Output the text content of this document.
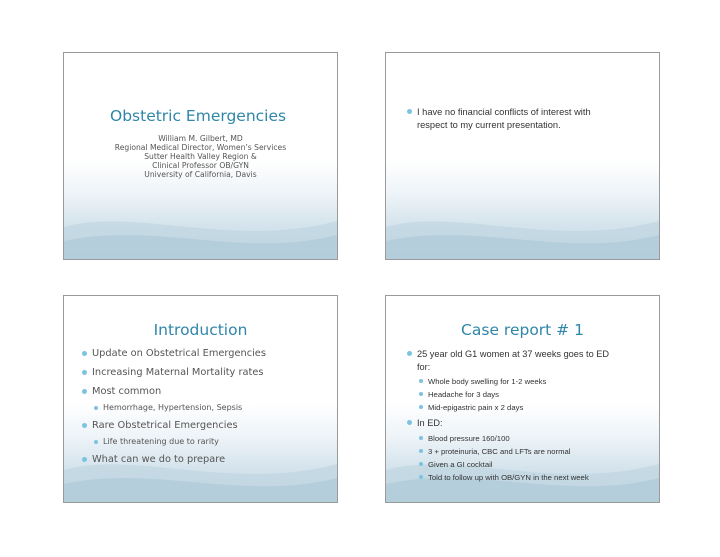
Obstetric Emergencies
William M. Gilbert, MD
Regional Medical Director, Women’s Services
Sutter Health Valley Region &
Clinical Professor OB/GYN
University of California, Davis
I have no financial conflicts of interest with
respect to my current presentation.
Introduction
Update on Obstetrical Emergencies
Increasing Maternal Mortality rates
Most common
Hemorrhage, Hypertension, Sepsis
Rare Obstetrical Emergencies
Life threatening due to rarity
What can we do to prepare
Case report # 1
25 year old G1 women at 37 weeks goes to ED
for:
Whole body swelling for 1-2 weeks
Headache for 3 days
Mid-epigastric pain x 2 days
In ED:
Blood pressure 160/100
3 + proteinuria, CBC and LFTs are normal
Given a GI cocktail
Told to follow up with OB/GYN in the next week
